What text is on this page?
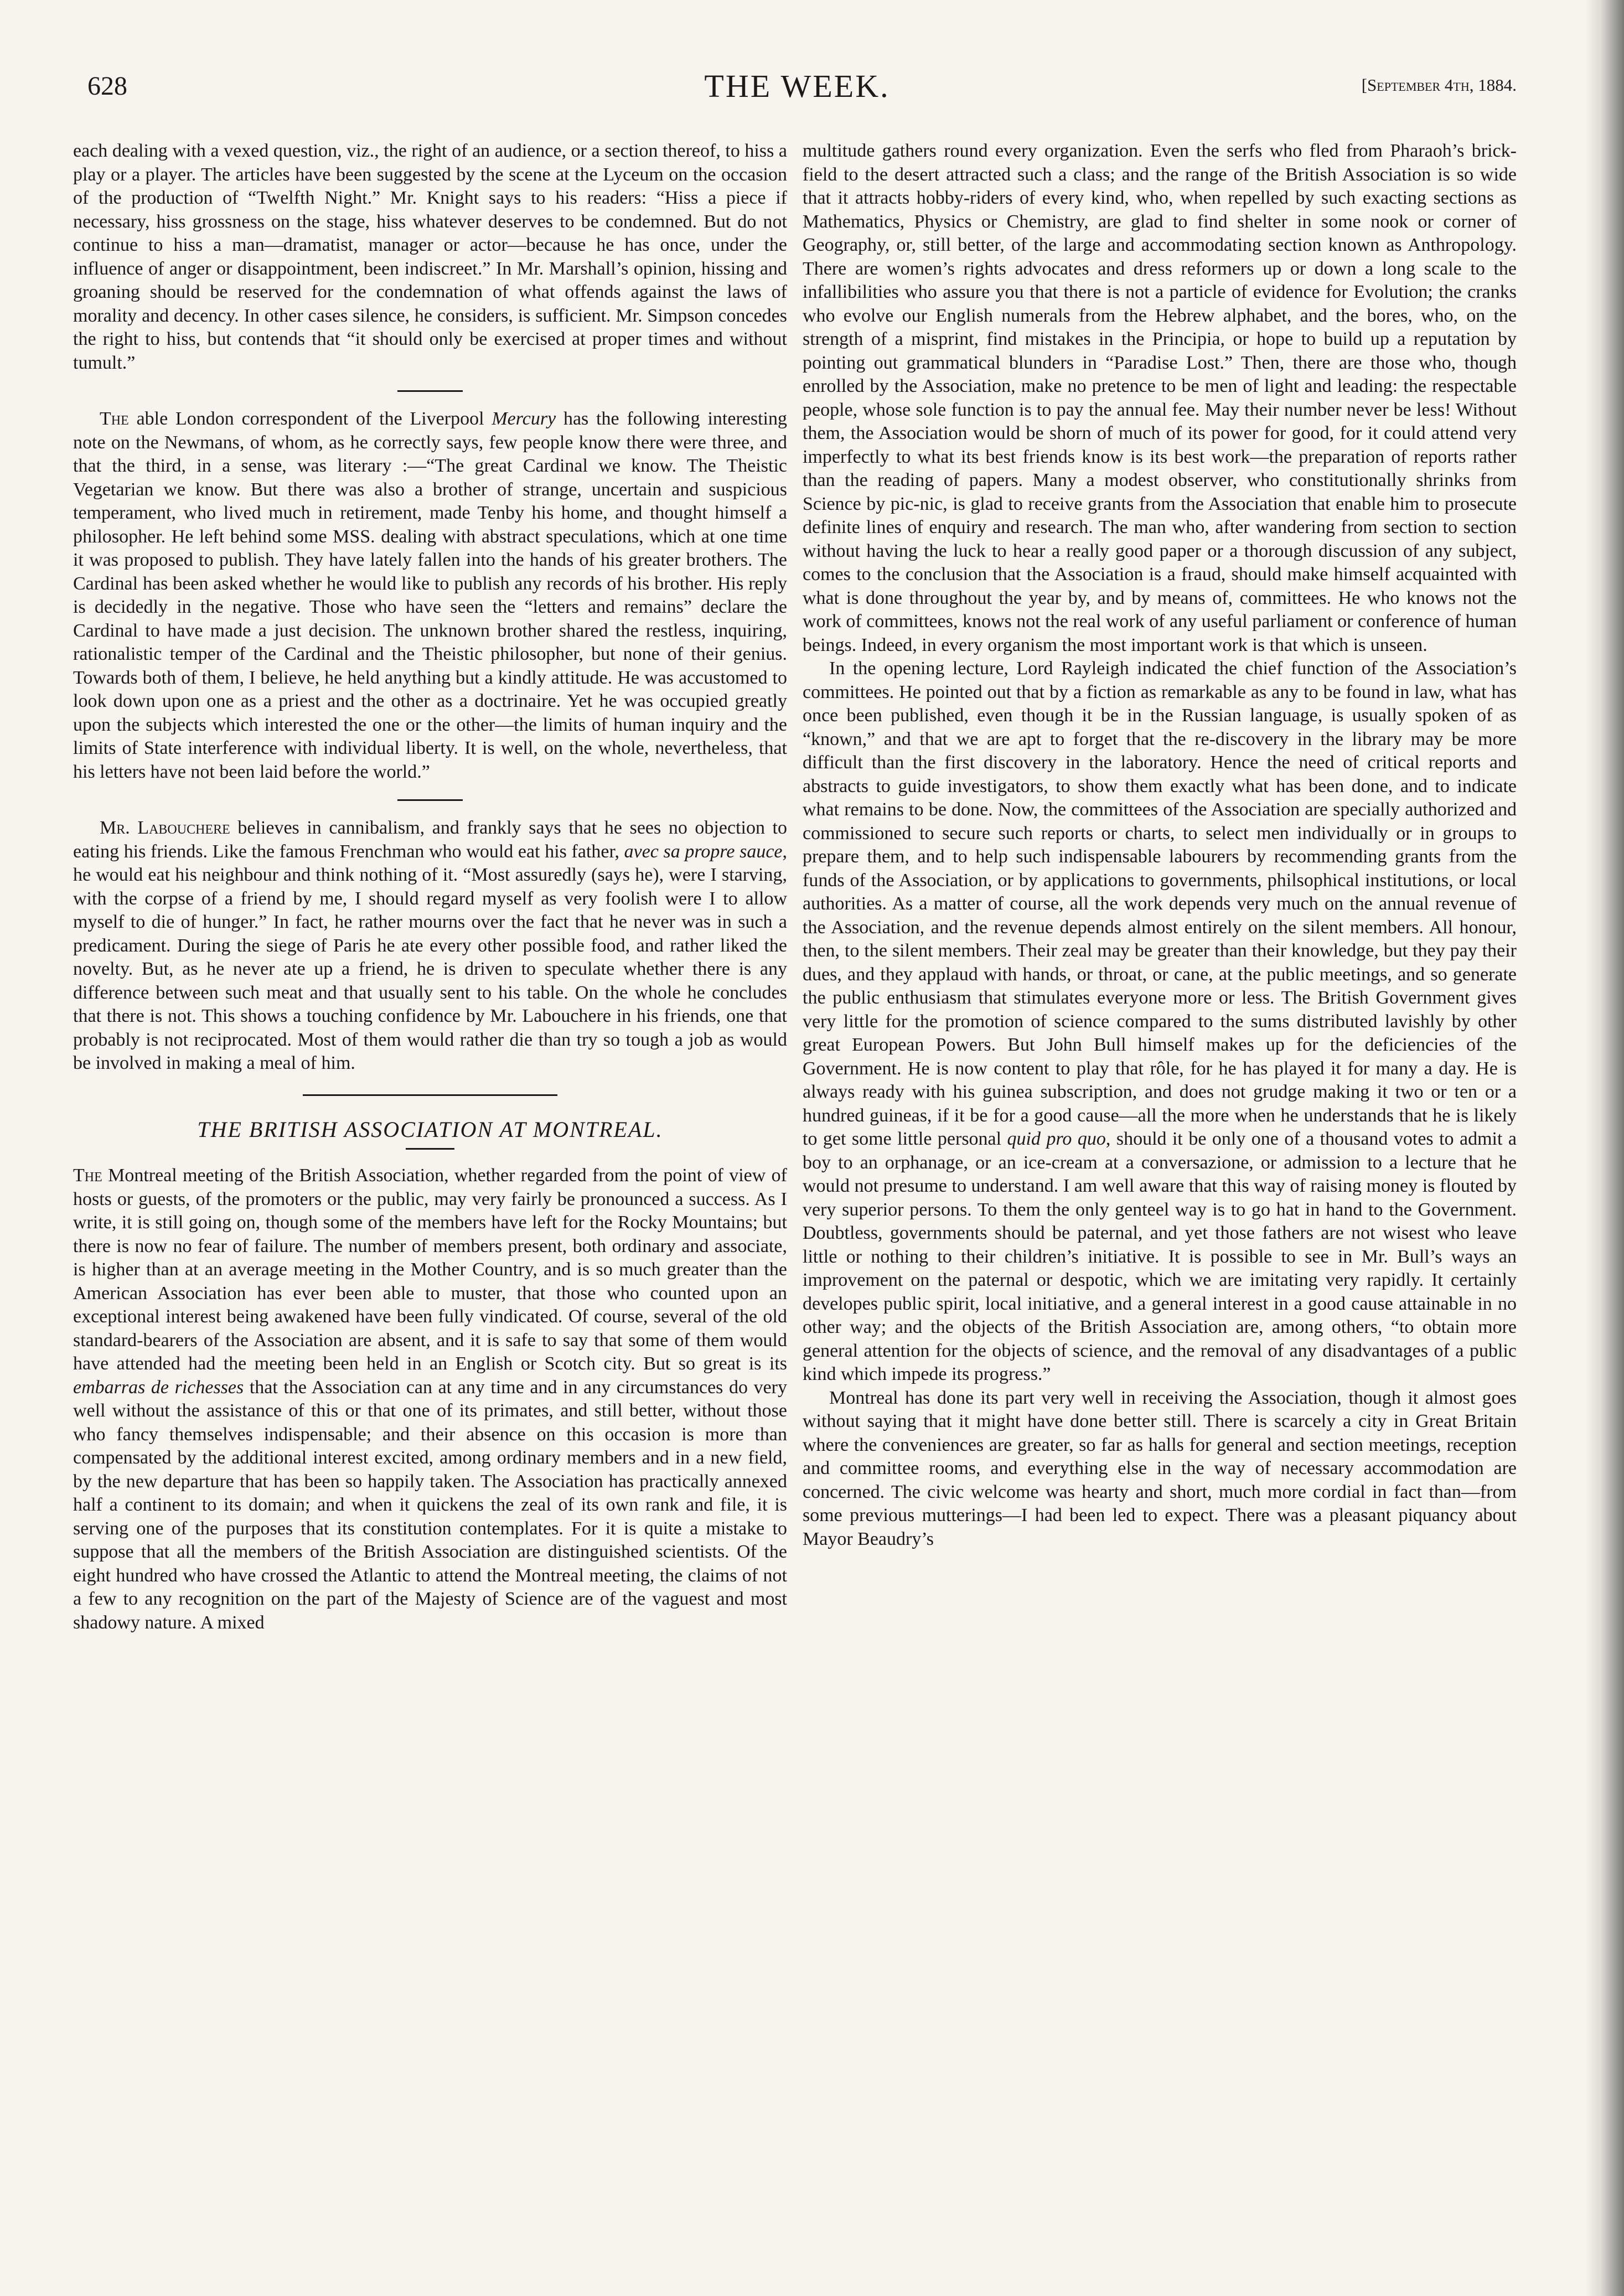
628	THE WEEK.	[September 4th, 1884.

each dealing with a vexed question, viz., the right of an audience, or a section thereof, to hiss a play or a player. The articles have been suggested by the scene at the Lyceum on the occasion of the production of “Twelfth Night.” Mr. Knight says to his readers: “Hiss a piece if necessary, hiss grossness on the stage, hiss whatever deserves to be condemned. But do not continue to hiss a man—dramatist, manager or actor—because he has once, under the influence of anger or disappointment, been indiscreet.” In Mr. Marshall’s opinion, hissing and groaning should be reserved for the condemnation of what offends against the laws of morality and decency. In other cases silence, he considers, is sufficient. Mr. Simpson concedes the right to hiss, but contends that “it should only be exercised at proper times and without tumult.”

The able London correspondent of the Liverpool Mercury has the following interesting note on the Newmans, of whom, as he correctly says, few people know there were three, and that the third, in a sense, was literary :—“The great Cardinal we know. The Theistic Vegetarian we know. But there was also a brother of strange, uncertain and suspicious temperament, who lived much in retirement, made Tenby his home, and thought himself a philosopher. He left behind some MSS. dealing with abstract speculations, which at one time it was proposed to publish. They have lately fallen into the hands of his greater brothers. The Cardinal has been asked whether he would like to publish any records of his brother. His reply is decidedly in the negative. Those who have seen the “letters and remains” declare the Cardinal to have made a just decision. The unknown brother shared the restless, inquiring, rationalistic temper of the Cardinal and the Theistic philosopher, but none of their genius. Towards both of them, I believe, he held anything but a kindly attitude. He was accustomed to look down upon one as a priest and the other as a doctrinaire. Yet he was occupied greatly upon the subjects which interested the one or the other—the limits of human inquiry and the limits of State interference with individual liberty. It is well, on the whole, nevertheless, that his letters have not been laid before the world.”

Mr. Labouchere believes in cannibalism, and frankly says that he sees no objection to eating his friends. Like the famous Frenchman who would eat his father, avec sa propre sauce, he would eat his neighbour and think nothing of it. “Most assuredly (says he), were I starving, with the corpse of a friend by me, I should regard myself as very foolish were I to allow myself to die of hunger.” In fact, he rather mourns over the fact that he never was in such a predicament. During the siege of Paris he ate every other possible food, and rather liked the novelty. But, as he never ate up a friend, he is driven to speculate whether there is any difference between such meat and that usually sent to his table. On the whole he concludes that there is not. This shows a touching confidence by Mr. Labouchere in his friends, one that probably is not reciprocated. Most of them would rather die than try so tough a job as would be involved in making a meal of him.

THE BRITISH ASSOCIATION AT MONTREAL.

The Montreal meeting of the British Association, whether regarded from the point of view of hosts or guests, of the promoters or the public, may very fairly be pronounced a success. As I write, it is still going on, though some of the members have left for the Rocky Mountains; but there is now no fear of failure. The number of members present, both ordinary and associate, is higher than at an average meeting in the Mother Country, and is so much greater than the American Association has ever been able to muster, that those who counted upon an exceptional interest being awakened have been fully vindicated. Of course, several of the old standard-bearers of the Association are absent, and it is safe to say that some of them would have attended had the meeting been held in an English or Scotch city. But so great is its embarras de richesses that the Association can at any time and in any circumstances do very well without the assistance of this or that one of its primates, and still better, without those who fancy themselves indispensable; and their absence on this occasion is more than compensated by the additional interest excited, among ordinary members and in a new field, by the new departure that has been so happily taken. The Association has practically annexed half a continent to its domain; and when it quickens the zeal of its own rank and file, it is serving one of the purposes that its constitution contemplates. For it is quite a mistake to suppose that all the members of the British Association are distinguished scientists. Of the eight hundred who have crossed the Atlantic to attend the Montreal meeting, the claims of not a few to any recognition on the part of the Majesty of Science are of the vaguest and most shadowy nature. A mixed

multitude gathers round every organization. Even the serfs who fled from Pharaoh’s brick-field to the desert attracted such a class; and the range of the British Association is so wide that it attracts hobby-riders of every kind, who, when repelled by such exacting sections as Mathematics, Physics or Chemistry, are glad to find shelter in some nook or corner of Geography, or, still better, of the large and accommodating section known as Anthropology. There are women’s rights advocates and dress reformers up or down a long scale to the infallibilities who assure you that there is not a particle of evidence for Evolution; the cranks who evolve our English numerals from the Hebrew alphabet, and the bores, who, on the strength of a misprint, find mistakes in the Principia, or hope to build up a reputation by pointing out grammatical blunders in “Paradise Lost.” Then, there are those who, though enrolled by the Association, make no pretence to be men of light and leading: the respectable people, whose sole function is to pay the annual fee. May their number never be less! Without them, the Association would be shorn of much of its power for good, for it could attend very imperfectly to what its best friends know is its best work—the preparation of reports rather than the reading of papers. Many a modest observer, who constitutionally shrinks from Science by pic-nic, is glad to receive grants from the Association that enable him to prosecute definite lines of enquiry and research. The man who, after wandering from section to section without having the luck to hear a really good paper or a thorough discussion of any subject, comes to the conclusion that the Association is a fraud, should make himself acquainted with what is done throughout the year by, and by means of, committees. He who knows not the work of committees, knows not the real work of any useful parliament or conference of human beings. Indeed, in every organism the most important work is that which is unseen.

In the opening lecture, Lord Rayleigh indicated the chief function of the Association’s committees. He pointed out that by a fiction as remarkable as any to be found in law, what has once been published, even though it be in the Russian language, is usually spoken of as “known,” and that we are apt to forget that the re-discovery in the library may be more difficult than the first discovery in the laboratory. Hence the need of critical reports and abstracts to guide investigators, to show them exactly what has been done, and to indicate what remains to be done. Now, the committees of the Association are specially authorized and commissioned to secure such reports or charts, to select men individually or in groups to prepare them, and to help such indispensable labourers by recommending grants from the funds of the Association, or by applications to governments, philsophical institutions, or local authorities. As a matter of course, all the work depends very much on the annual revenue of the Association, and the revenue depends almost entirely on the silent members. All honour, then, to the silent members. Their zeal may be greater than their knowledge, but they pay their dues, and they applaud with hands, or throat, or cane, at the public meetings, and so generate the public enthusiasm that stimulates everyone more or less. The British Government gives very little for the promotion of science compared to the sums distributed lavishly by other great European Powers. But John Bull himself makes up for the deficiencies of the Government. He is now content to play that rôle, for he has played it for many a day. He is always ready with his guinea subscription, and does not grudge making it two or ten or a hundred guineas, if it be for a good cause—all the more when he understands that he is likely to get some little personal quid pro quo, should it be only one of a thousand votes to admit a boy to an orphanage, or an ice-cream at a conversazione, or admission to a lecture that he would not presume to understand. I am well aware that this way of raising money is flouted by very superior persons. To them the only genteel way is to go hat in hand to the Government. Doubtless, governments should be paternal, and yet those fathers are not wisest who leave little or nothing to their children’s initiative. It is possible to see in Mr. Bull’s ways an improvement on the paternal or despotic, which we are imitating very rapidly. It certainly developes public spirit, local initiative, and a general interest in a good cause attainable in no other way; and the objects of the British Association are, among others, “to obtain more general attention for the objects of science, and the removal of any disadvantages of a public kind which impede its progress.”

Montreal has done its part very well in receiving the Association, though it almost goes without saying that it might have done better still. There is scarcely a city in Great Britain where the conveniences are greater, so far as halls for general and section meetings, reception and committee rooms, and everything else in the way of necessary accommodation are concerned. The civic welcome was hearty and short, much more cordial in fact than—from some previous mutterings—I had been led to expect. There was a pleasant piquancy about Mayor Beaudry’s
